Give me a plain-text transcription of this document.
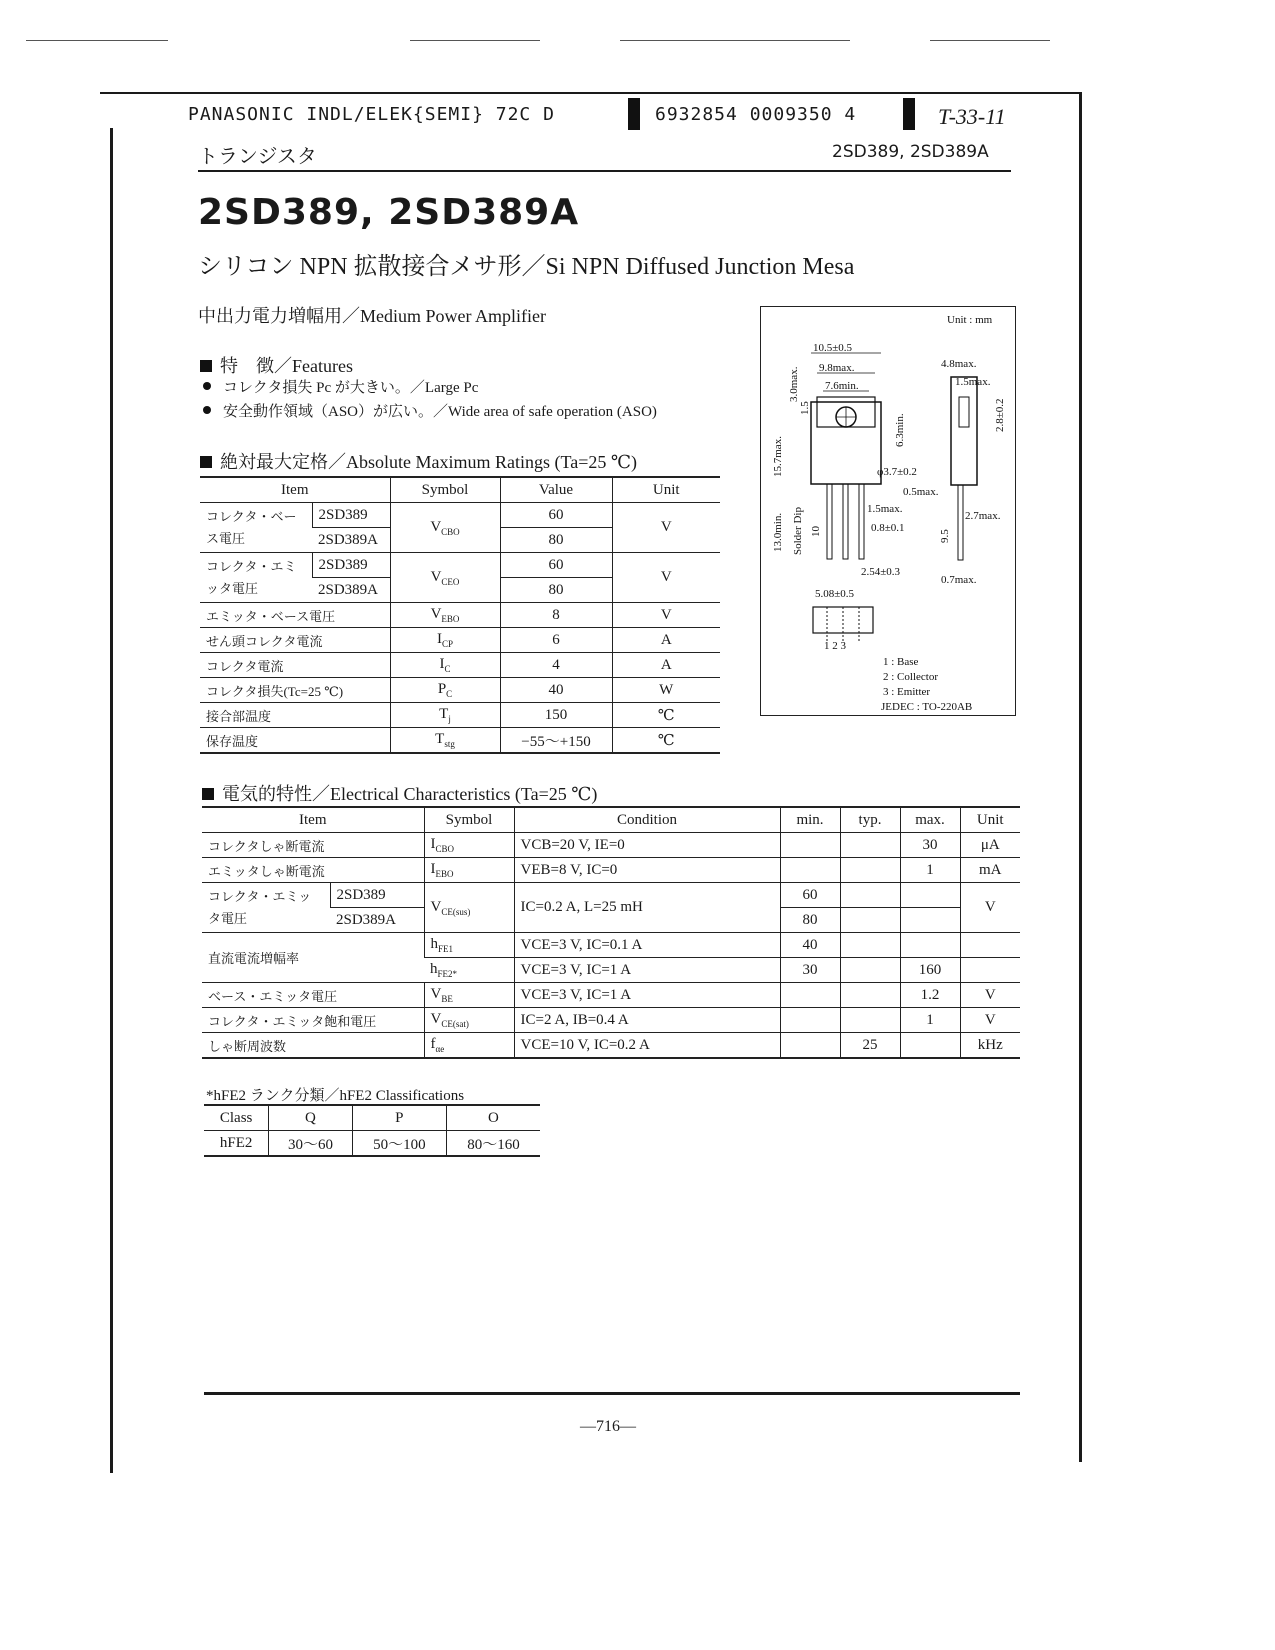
PANASONIC INDL/ELEK{SEMI} 72C D	6932854 0009350 4	T-33-11
トランジスタ	2SD389, 2SD389A
2SD389, 2SD389A
シリコン NPN 拡散接合メサ形／Si NPN Diffused Junction Mesa
中出力電力増幅用／Medium Power Amplifier
特　徴／Features
コレクタ損失 Pc が大きい。／Large Pc
安全動作領域（ASO）が広い。／Wide area of safe operation (ASO)
絶対最大定格／Absolute Maximum Ratings (Ta=25 ℃)
Item		Symbol	Value	Unit
コレクタ・ベース電圧	2SD389	$V_{CBO}$	60	V
	2SD389A		80	
コレクタ・エミッタ電圧	2SD389	$V_{CEO}$	60	V
	2SD389A		80	
エミッタ・ベース電圧		$V_{EBO}$	8	V
せん頭コレクタ電流		$I_{CP}$	6	A
コレクタ電流		$I_C$	4	A
コレクタ損失(Tc=25 ℃)		$P_C$	40	W
接合部温度		$T_j$	150	℃
保存温度		$T_{stg}$	−55～+150	℃
Unit : mm
10.5±0.5
9.8max.
7.6min.
3.0max.
1.5
15.7max.
6.3min.
φ3.7±0.2
13.0min. Solder Dip 10
1.5max.
0.8±0.1
2.54±0.3
5.08±0.5
4.8max.
1.5max.
2.8±0.2
0.5max.
2.7max.
9.5
0.7max.
1 2 3
1 : Base
2 : Collector
3 : Emitter
JEDEC : TO-220AB
電気的特性／Electrical Characteristics (Ta=25 ℃)
Item		Symbol	Condition	min.	typ.	max.	Unit
コレクタしゃ断電流		$I_{CBO}$	VCB=20 V, IE=0			30	μA
エミッタしゃ断電流		$I_{EBO}$	VEB=8 V, IC=0			1	mA
コレクタ・エミッタ電圧	2SD389	$V_{CE(sus)}$	IC=0.2 A, L=25 mH	60			V
	2SD389A			80			
直流電流増幅率		$h_{FE1}$	VCE=3 V, IC=0.1 A	40			
		$h_{FE2*}$	VCE=3 V, IC=1 A	30		160	
ベース・エミッタ電圧		$V_{BE}$	VCE=3 V, IC=1 A			1.2	V
コレクタ・エミッタ飽和電圧		$V_{CE(sat)}$	IC=2 A, IB=0.4 A			1	V
しゃ断周波数		$f_{\alpha e}$	VCE=10 V, IC=0.2 A		25		kHz
*hFE2 ランク分類／hFE2 Classifications
Class	Q	P	O
hFE2	30～60	50～100	80～160
—716—
